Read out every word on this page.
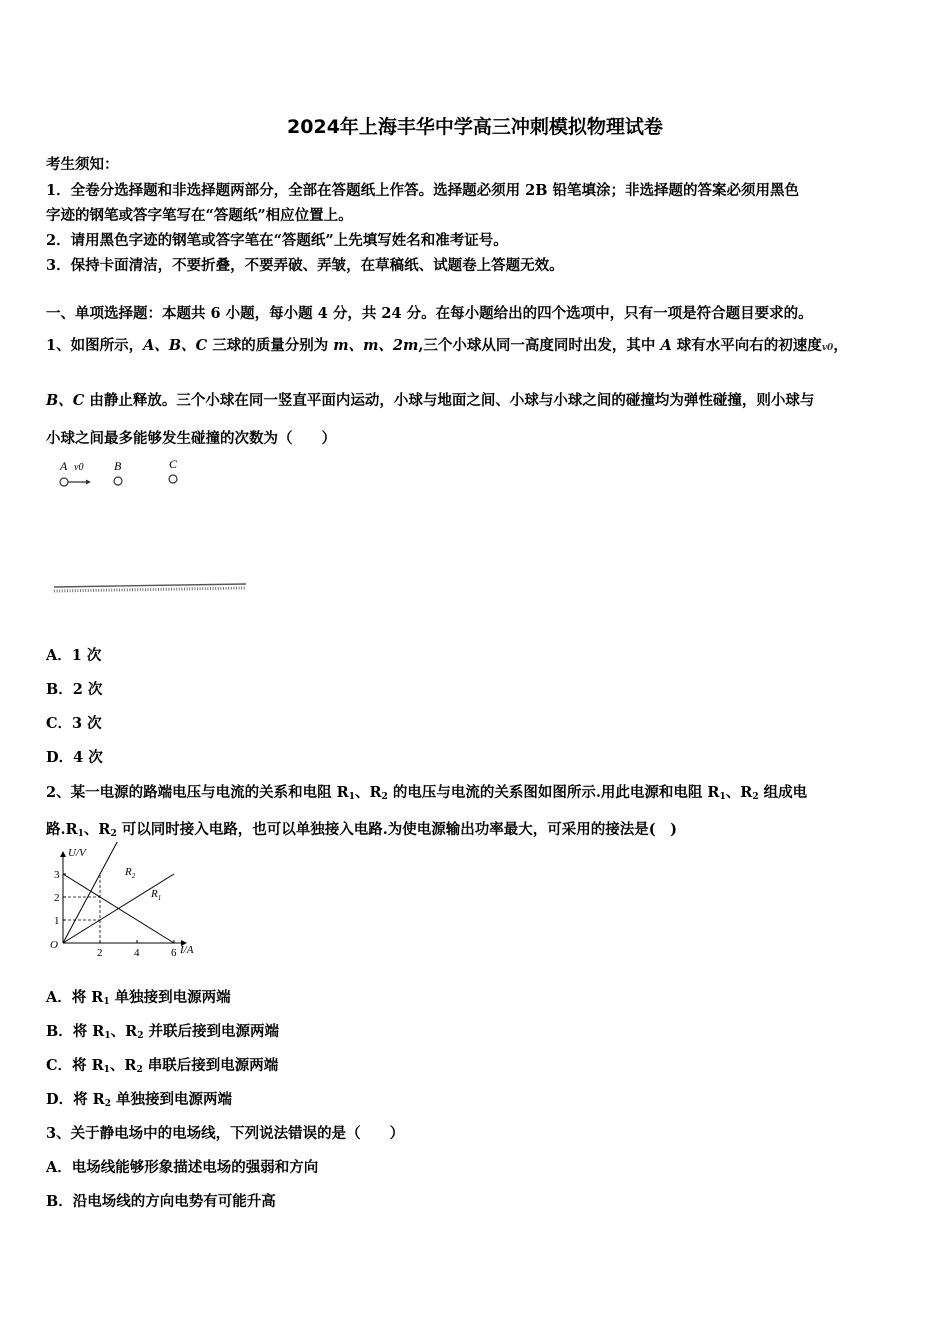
2024年上海丰华中学高三冲刺模拟物理试卷
考生须知：
1．全卷分选择题和非选择题两部分，全部在答题纸上作答。选择题必须用 2B 铅笔填涂；非选择题的答案必须用黑色
字迹的钢笔或答字笔写在“答题纸”相应位置上。
2．请用黑色字迹的钢笔或答字笔在“答题纸”上先填写姓名和准考证号。
3．保持卡面清洁，不要折叠，不要弄破、弄皱，在草稿纸、试题卷上答题无效。
一、单项选择题：本题共 6 小题，每小题 4 分，共 24 分。在每小题给出的四个选项中，只有一项是符合题目要求的。
1、如图所示，A、B、C 三球的质量分别为 m、m、2m,三个小球从同一高度同时出发，其中 A 球有水平向右的初速度v0，
B、C 由静止释放。三个小球在同一竖直平面内运动，小球与地面之间、小球与小球之间的碰撞均为弹性碰撞，则小球与
小球之间最多能够发生碰撞的次数为（　　）
A v0	B	C
A．1 次
B．2 次
C．3 次
D．4 次
2、某一电源的路端电压与电流的关系和电阻 $R_1$、$R_2$ 的电压与电流的关系图如图所示.用此电源和电阻 $R_1$、$R_2$ 组成电
路$.R_1$、$R_2$ 可以同时接入电路，也可以单独接入电路.为使电源输出功率最大，可采用的接法是(　)
U/V
I/A
O
3
2
1
2	4	6
$R_2$
$R_1$
A．将 $R_1$ 单独接到电源两端
B．将 $R_1$、$R_2$ 并联后接到电源两端
C．将 $R_1$、$R_2$ 串联后接到电源两端
D．将 $R_2$ 单独接到电源两端
3、关于静电场中的电场线，下列说法错误的是（　　）
A．电场线能够形象描述电场的强弱和方向
B．沿电场线的方向电势有可能升高
